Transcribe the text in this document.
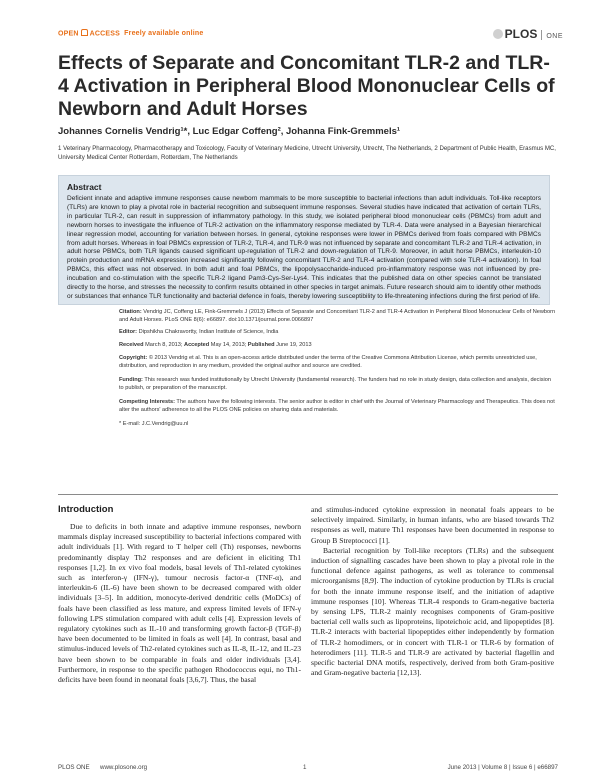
OPEN ACCESS Freely available online	PLOS ONE
Effects of Separate and Concomitant TLR-2 and TLR-4 Activation in Peripheral Blood Mononuclear Cells of Newborn and Adult Horses
Johannes Cornelis Vendrig¹*, Luc Edgar Coffeng², Johanna Fink-Gremmels¹
1 Veterinary Pharmacology, Pharmacotherapy and Toxicology, Faculty of Veterinary Medicine, Utrecht University, Utrecht, The Netherlands, 2 Department of Public Health, Erasmus MC, University Medical Center Rotterdam, Rotterdam, The Netherlands
Abstract
Deficient innate and adaptive immune responses cause newborn mammals to be more susceptible to bacterial infections than adult individuals. Toll-like receptors (TLRs) are known to play a pivotal role in bacterial recognition and subsequent immune responses. Several studies have indicated that activation of certain TLRs, in particular TLR-2, can result in suppression of inflammatory pathology. In this study, we isolated peripheral blood mononuclear cells (PBMCs) from adult and newborn horses to investigate the influence of TLR-2 activation on the inflammatory response mediated by TLR-4. Data were analysed in a Bayesian hierarchical linear regression model, accounting for variation between horses. In general, cytokine responses were lower in PBMCs derived from foals compared with PBMCs from adult horses. Whereas in foal PBMCs expression of TLR-2, TLR-4, and TLR-9 was not influenced by separate and concomitant TLR-2 and TLR-4 activation, in adult horse PBMCs, both TLR ligands caused significant up-regulation of TLR-2 and down-regulation of TLR-9. Moreover, in adult horse PBMCs, interleukin-10 protein production and mRNA expression increased significantly following concomitant TLR-2 and TLR-4 activation (compared with sole TLR-4 activation). In foal PBMCs, this effect was not observed. In both adult and foal PBMCs, the lipopolysaccharide-induced pro-inflammatory response was not influenced by pre-incubation and co-stimulation with the specific TLR-2 ligand Pam3-Cys-Ser-Lys4. This indicates that the published data on other species cannot be translated directly to the horse, and stresses the necessity to confirm results obtained in other species in target animals. Future research should aim to identify other methods or substances that enhance TLR functionality and bacterial defence in foals, thereby lowering susceptibility to life-threatening infections during the first period of life.
Citation: Vendrig JC, Coffeng LE, Fink-Gremmels J (2013) Effects of Separate and Concomitant TLR-2 and TLR-4 Activation in Peripheral Blood Mononuclear Cells of Newborn and Adult Horses. PLoS ONE 8(6): e66897. doi:10.1371/journal.pone.0066897
Editor: Dipshikha Chakravortty, Indian Institute of Science, India
Received March 8, 2013; Accepted May 14, 2013; Published June 19, 2013
Copyright: © 2013 Vendrig et al. This is an open-access article distributed under the terms of the Creative Commons Attribution License, which permits unrestricted use, distribution, and reproduction in any medium, provided the original author and source are credited.
Funding: This research was funded institutionally by Utrecht University (fundamental research). The funders had no role in study design, data collection and analysis, decision to publish, or preparation of the manuscript.
Competing Interests: The authors have the following interests. The senior author is editor in chief with the Journal of Veterinary Pharmacology and Therapeutics. This does not alter the authors' adherence to all the PLOS ONE policies on sharing data and materials.
* E-mail: J.C.Vendrig@uu.nl
Introduction

Due to deficits in both innate and adaptive immune responses, newborn mammals display increased susceptibility to bacterial infections compared with adult individuals [1]. With regard to T helper cell (Th) responses, newborns predominantly display Th2 responses and are deficient in eliciting Th1 responses [1,2]. In ex vivo foal models, basal levels of Th1-related cytokines such as interferon-γ (IFN-γ), tumour necrosis factor-α (TNF-α), and interleukin-6 (IL-6) have been shown to be decreased compared with older individuals [3–5]. In addition, monocyte-derived dendritic cells (MoDCs) of foals have been classified as less mature, and express limited levels of IFN-γ following LPS stimulation compared with adult cells [4]. Expression levels of regulatory cytokines such as IL-10 and transforming growth factor-β (TGF-β) have been documented to be limited in foals as well [4]. In contrast, basal and stimulus-induced levels of Th2-related cytokines such as IL-8, IL-12, and IL-23 have been shown to be comparable in foals and older individuals [3,4]. Furthermore, in response to the specific pathogen Rhodococcus equi, no Th1-deficits have been found in neonatal foals [3,6,7]. Thus, the basal

and stimulus-induced cytokine expression in neonatal foals appears to be selectively impaired. Similarly, in human infants, who are biased towards Th2 responses as well, mature Th1 responses have been documented in response to Group B Streptococci [1].

Bacterial recognition by Toll-like receptors (TLRs) and the subsequent induction of signalling cascades have been shown to play a pivotal role in the functional defence against pathogens, as well as tolerance to commensal microorganisms [8,9]. The induction of cytokine production by TLRs is crucial for both the innate immune response itself, and the initiation of adaptive immune responses [10]. Whereas TLR-4 responds to Gram-negative bacteria by sensing LPS, TLR-2 mainly recognises components of Gram-positive bacterial cell walls such as lipoproteins, lipoteichoic acid, and lipopeptides [8]. TLR-2 interacts with bacterial lipopeptides either independently by formation of TLR-2 homodimers, or in concert with TLR-1 or TLR-6 by formation of heterodimers [11]. TLR-5 and TLR-9 are activated by bacterial flagellin and specific bacterial DNA motifs, respectively, derived from both Gram-positive and Gram-negative bacteria [12,13].

PLOS ONE www.plosone.org	1	June 2013 | Volume 8 | Issue 6 | e66897
